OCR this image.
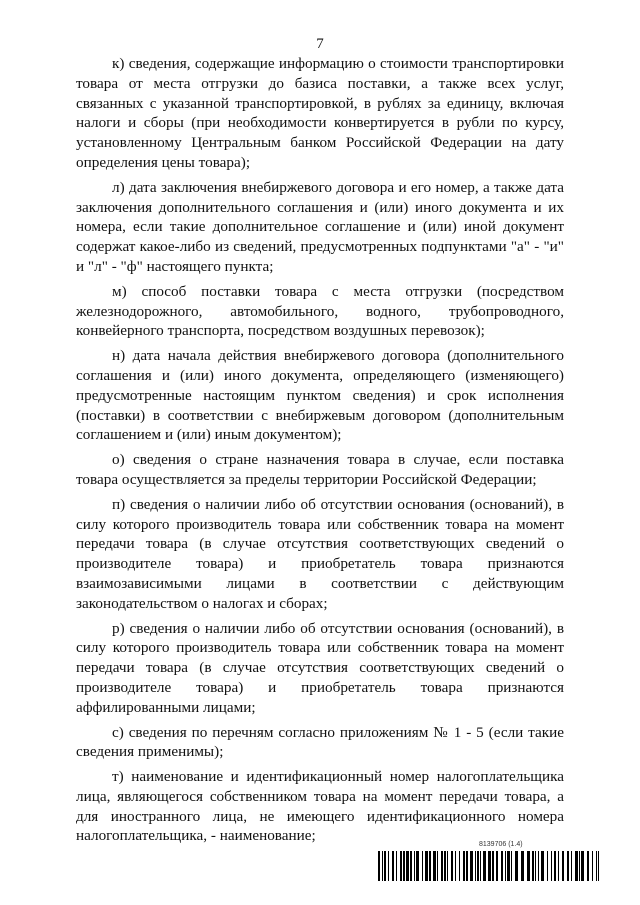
7

к) сведения, содержащие информацию о стоимости транспортировки товара от места отгрузки до базиса поставки, а также всех услуг, связанных с указанной транспортировкой, в рублях за единицу, включая налоги и сборы (при необходимости конвертируется в рубли по курсу, установленному Центральным банком Российской Федерации на дату определения цены товара);

л) дата заключения внебиржевого договора и его номер, а также дата заключения дополнительного соглашения и (или) иного документа и их номера, если такие дополнительное соглашение и (или) иной документ содержат какое-либо из сведений, предусмотренных подпунктами "а" - "и" и "л" - "ф" настоящего пункта;

м) способ поставки товара с места отгрузки (посредством железнодорожного, автомобильного, водного, трубопроводного, конвейерного транспорта, посредством воздушных перевозок);

н) дата начала действия внебиржевого договора (дополнительного соглашения и (или) иного документа, определяющего (изменяющего) предусмотренные настоящим пунктом сведения) и срок исполнения (поставки) в соответствии с внебиржевым договором (дополнительным соглашением и (или) иным документом);

о) сведения о стране назначения товара в случае, если поставка товара осуществляется за пределы территории Российской Федерации;

п) сведения о наличии либо об отсутствии основания (оснований), в силу которого производитель товара или собственник товара на момент передачи товара (в случае отсутствия соответствующих сведений о производителе товара) и приобретатель товара признаются взаимозависимыми лицами в соответствии с действующим законодательством о налогах и сборах;

р) сведения о наличии либо об отсутствии основания (оснований), в силу которого производитель товара или собственник товара на момент передачи товара (в случае отсутствия соответствующих сведений о производителе товара) и приобретатель товара признаются аффилированными лицами;

с) сведения по перечням согласно приложениям № 1 - 5 (если такие сведения применимы);

т) наименование и идентификационный номер налогоплательщика лица, являющегося собственником товара на момент передачи товара, а для иностранного лица, не имеющего идентификационного номера налогоплательщика, - наименование;

8139706 (1.4)
